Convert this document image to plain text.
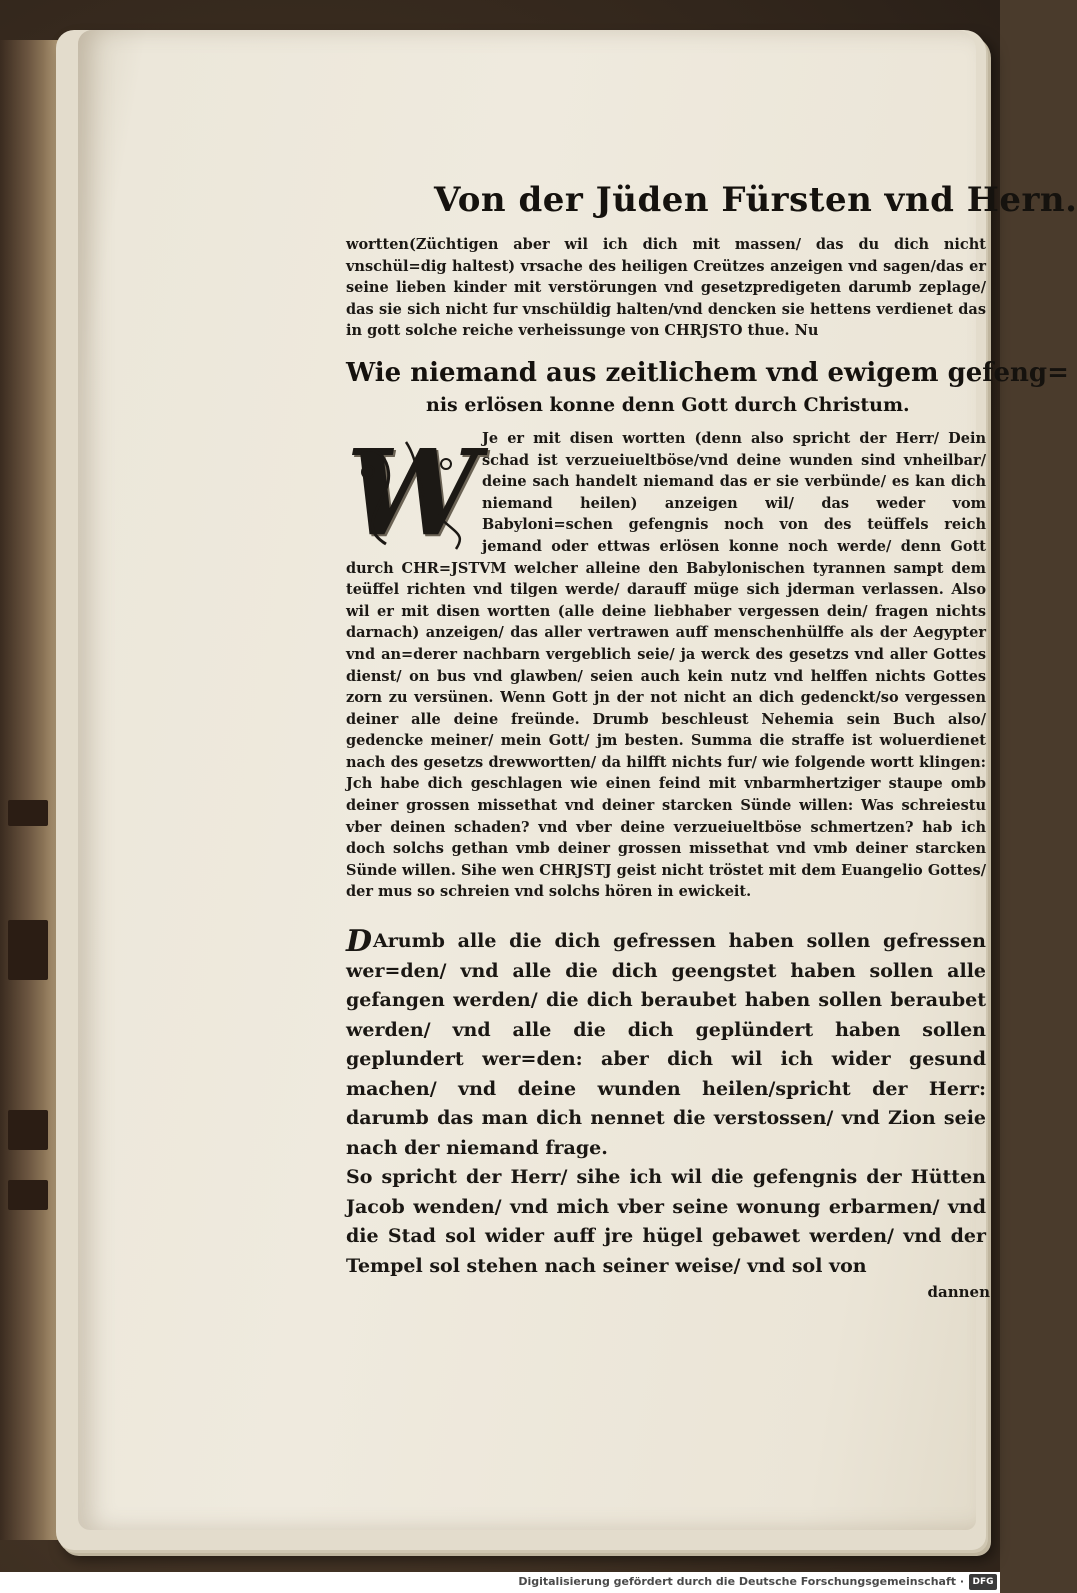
Von der Jüden Fürsten vnd Hern.

wortten(Züchtigen aber wil ich dich mit massen/ das du dich nicht vnschül=dig haltest) vrsache des heiligen Creützes anzeigen vnd sagen/das er seine lieben kinder mit verstörungen vnd gesetzpredigeten darumb zeplage/ das sie sich nicht fur vnschüldig halten/vnd dencken sie hettens verdienet das in gott solche reiche verheissunge von CHRJSTO thue. Nu

Wie niemand aus zeitlichem vnd ewigem gefeng=
nis erlösen konne denn Gott durch Christum.
W Je er mit disen wortten (denn also spricht der Herr/ Dein schad ist verzueiueltböse/vnd deine wunden sind vnheilbar/ deine sach handelt niemand das er sie verbünde/ es kan dich niemand heilen) anzeigen wil/ das weder vom Babyloni=schen gefengnis noch von des teüffels reich jemand oder ettwas erlösen konne noch werde/ denn Gott durch CHR=JSTVM welcher alleine den Babylonischen tyrannen sampt dem teüffel richten vnd tilgen werde/ darauff müge sich jderman verlassen. Also wil er mit disen wortten (alle deine liebhaber vergessen dein/ fragen nichts darnach) anzeigen/ das aller vertrawen auff menschenhülffe als der Aegypter vnd an=derer nachbarn vergeblich seie/ ja werck des gesetzs vnd aller Gottes dienst/ on bus vnd glawben/ seien auch kein nutz vnd helffen nichts Gottes zorn zu versünen. Wenn Gott jn der not nicht an dich gedenckt/so vergessen deiner alle deine freünde. Drumb beschleust Nehemia sein Buch also/ gedencke meiner/ mein Gott/ jm besten. Summa die straffe ist woluerdienet nach des gesetzs drewwortten/ da hilfft nichts fur/ wie folgende wortt klingen: Jch habe dich geschlagen wie einen feind mit vnbarmhertziger staupe omb deiner grossen missethat vnd deiner starcken Sünde willen: Was schreiestu vber deinen schaden? vnd vber deine verzueiueltböse schmertzen? hab ich doch solchs gethan vmb deiner grossen missethat vnd vmb deiner starcken Sünde willen. Sihe wen CHRJSTJ geist nicht tröstet mit dem Euangelio Gottes/ der mus so schreien vnd solchs hören in ewickeit.

DArumb alle die dich gefressen haben sollen gefressen wer=den/ vnd alle die dich geengstet haben sollen alle gefangen werden/ die dich beraubet haben sollen beraubet werden/ vnd alle die dich geplündert haben sollen geplundert wer=den: aber dich wil ich wider gesund machen/ vnd deine wunden heilen/spricht der Herr: darumb das man dich nennet die verstossen/ vnd Zion seie nach der niemand frage.

So spricht der Herr/ sihe ich wil die gefengnis der Hütten Jacob wenden/ vnd mich vber seine wonung erbarmen/ vnd die Stad sol wider auff jre hügel gebawet werden/ vnd der Tempel sol stehen nach seiner weise/ vnd sol von

dannen
Digitalisierung gefördert durch die Deutsche Forschungsgemeinschaft · DFG
